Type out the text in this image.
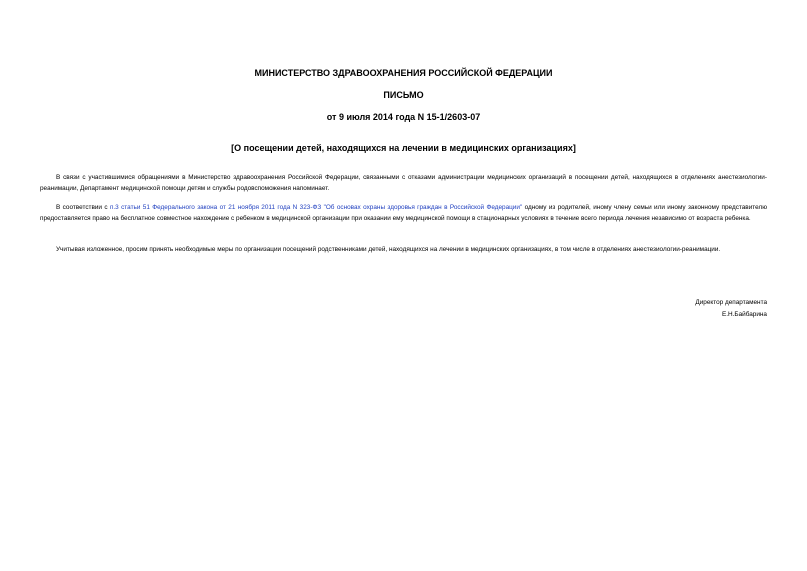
МИНИСТЕРСТВО ЗДРАВООХРАНЕНИЯ РОССИЙСКОЙ ФЕДЕРАЦИИ
ПИСЬМО
от 9 июля 2014 года N 15-1/2603-07
[О посещении детей, находящихся на лечении в медицинских организациях]

В связи с участившимися обращениями в Министерство здравоохранения Российской Федерации, связанными с отказами администрации медицинских организаций в посещении детей, находящихся в отделениях анестезиологии-реанимации, Департамент медицинской помощи детям и службы родовспоможения напоминает.

В соответствии с п.3 статьи 51 Федерального закона от 21 ноября 2011 года N 323-ФЗ "Об основах охраны здоровья граждан в Российской Федерации" одному из родителей, иному члену семьи или иному законному представителю предоставляется право на бесплатное совместное нахождение с ребенком в медицинской организации при оказании ему медицинской помощи в стационарных условиях в течение всего периода лечения независимо от возраста ребенка.

Учитывая изложенное, просим принять необходимые меры по организации посещений родственниками детей, находящихся на лечении в медицинских организациях, в том числе в отделениях анестезиологии-реанимации.

Директор департамента
Е.Н.Байбарина
